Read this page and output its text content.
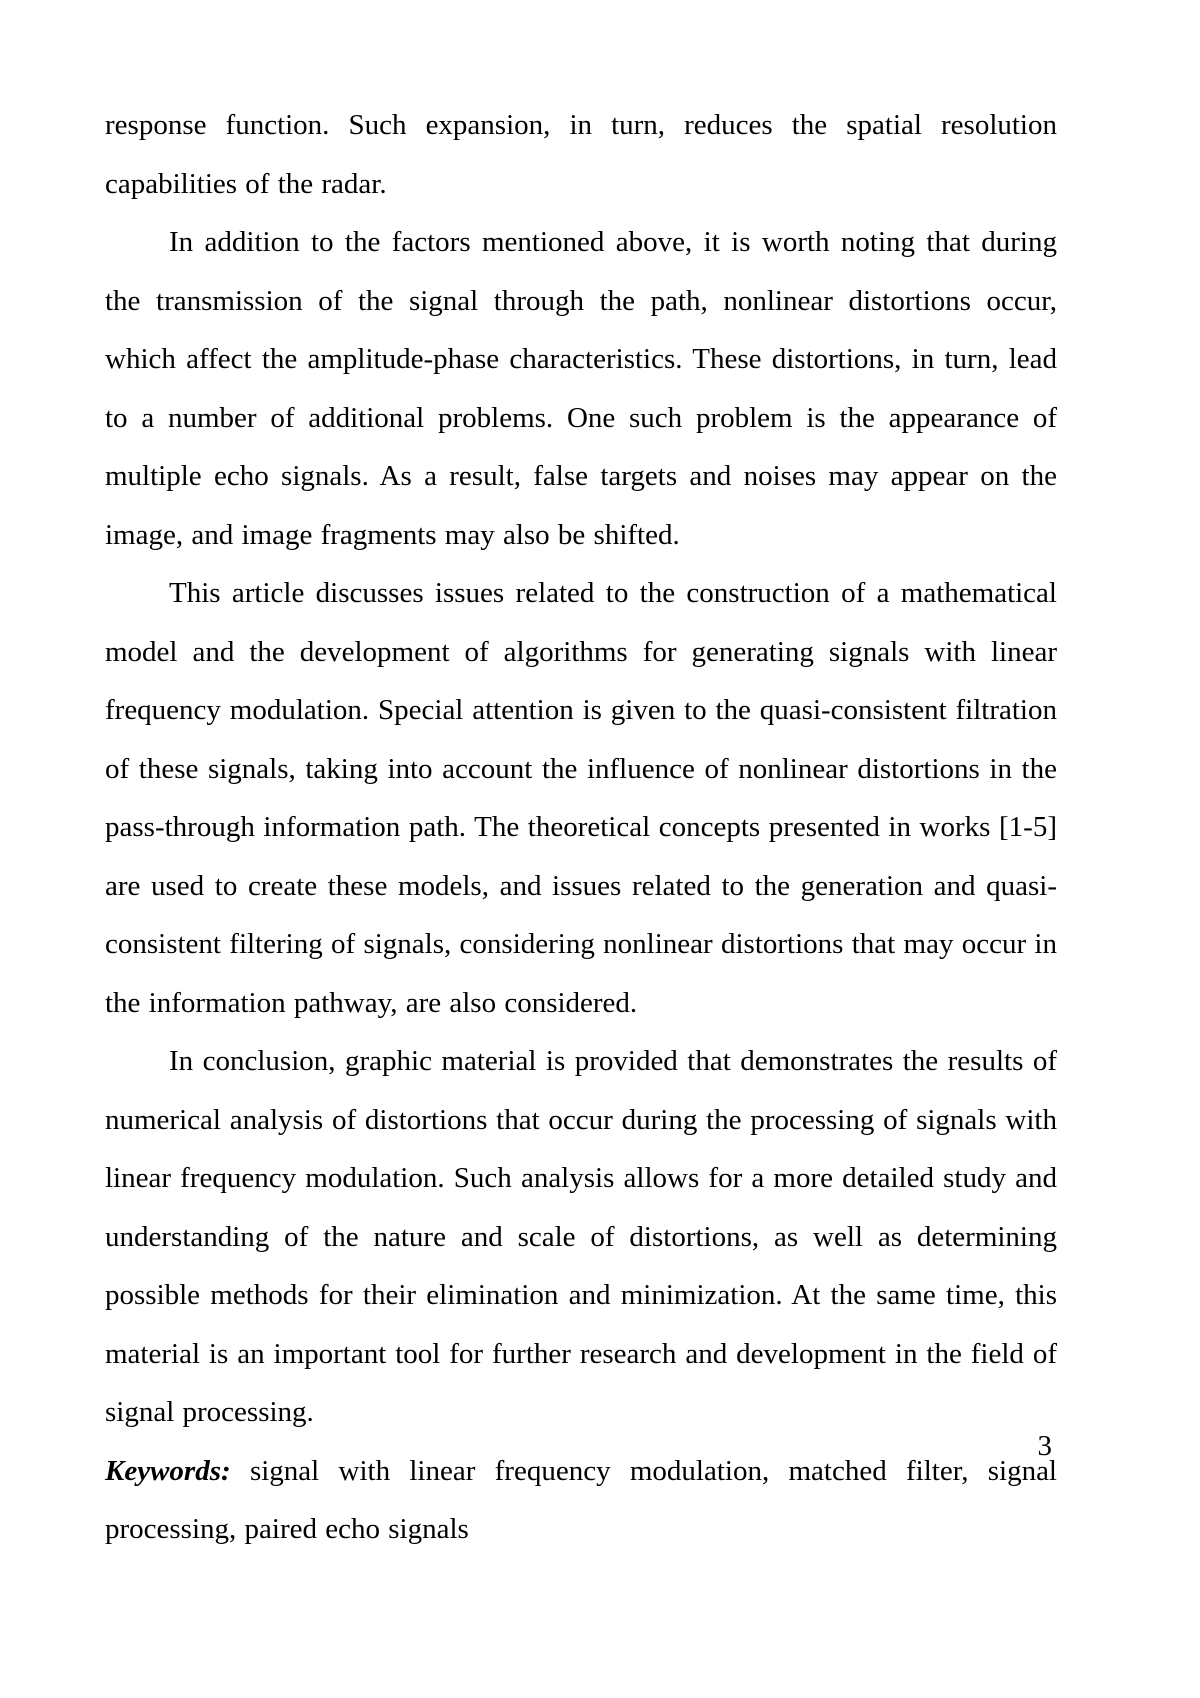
response function. Such expansion, in turn, reduces the spatial resolution capabilities of the radar.

In addition to the factors mentioned above, it is worth noting that during the transmission of the signal through the path, nonlinear distortions occur, which affect the amplitude-phase characteristics. These distortions, in turn, lead to a number of additional problems. One such problem is the appearance of multiple echo signals. As a result, false targets and noises may appear on the image, and image fragments may also be shifted.

This article discusses issues related to the construction of a mathematical model and the development of algorithms for generating signals with linear frequency modulation. Special attention is given to the quasi-consistent filtration of these signals, taking into account the influence of nonlinear distortions in the pass-through information path. The theoretical concepts presented in works [1-5] are used to create these models, and issues related to the generation and quasi-consistent filtering of signals, considering nonlinear distortions that may occur in the information pathway, are also considered.

In conclusion, graphic material is provided that demonstrates the results of numerical analysis of distortions that occur during the processing of signals with linear frequency modulation. Such analysis allows for a more detailed study and understanding of the nature and scale of distortions, as well as determining possible methods for their elimination and minimization. At the same time, this material is an important tool for further research and development in the field of signal processing.

Keywords: signal with linear frequency modulation, matched filter, signal processing, paired echo signals

3
